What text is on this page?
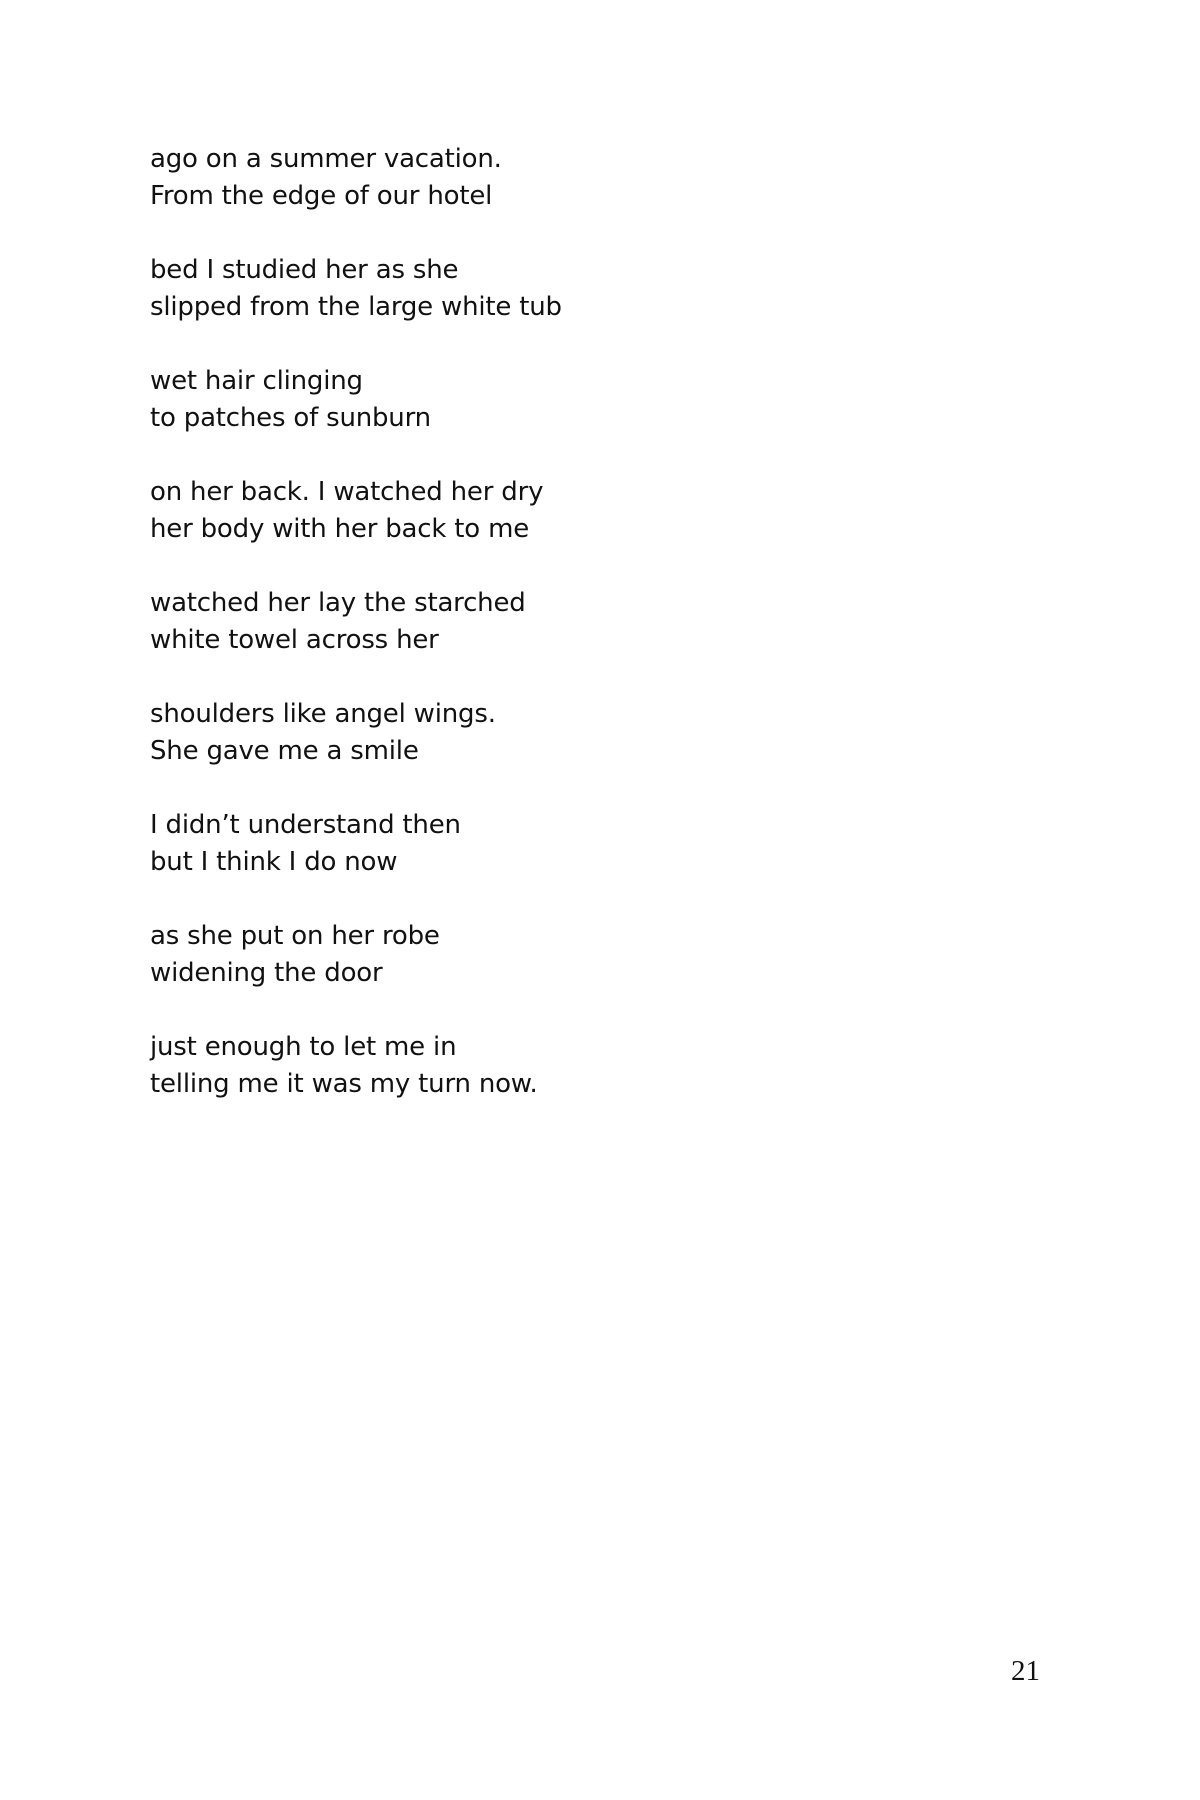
ago on a summer vacation.
From the edge of our hotel
bed I studied her as she
slipped from the large white tub
wet hair clinging
to patches of sunburn
on her back. I watched her dry
her body with her back to me
watched her lay the starched
white towel across her
shoulders like angel wings.
She gave me a smile
I didn’t understand then
but I think I do now
as she put on her robe
widening the door
just enough to let me in
telling me it was my turn now.
21
